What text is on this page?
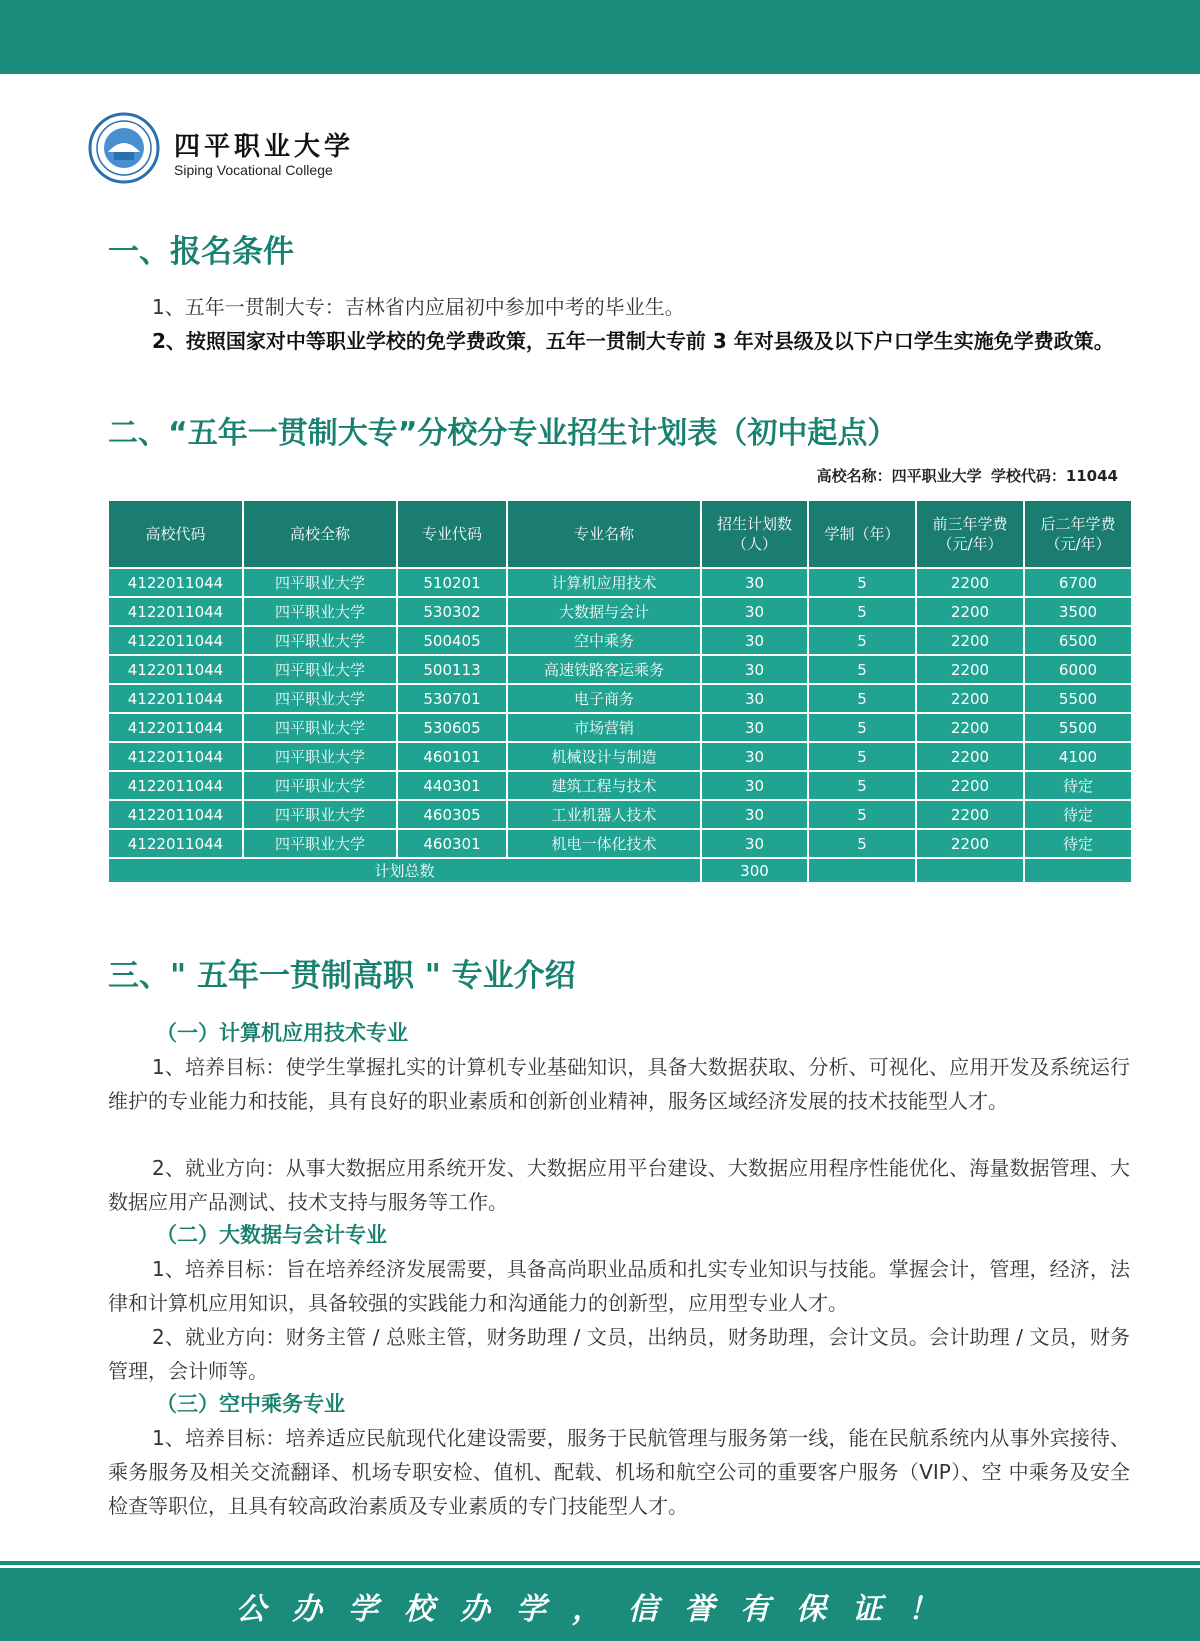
四平职业大学
Siping Vocational College
一、报名条件

1、五年一贯制大专：吉林省内应届初中参加中考的毕业生。

2、按照国家对中等职业学校的免学费政策，五年一贯制大专前 3 年对县级及以下户口学生实施免学费政策。

二、“五年一贯制大专”分校分专业招生计划表（初中起点）
高校名称：四平职业大学 学校代码：11044
高校代码	高校全称	专业代码	专业名称	招生计划数（人）	学制（年）	前三年学费（元/年）	后二年学费（元/年）
4122011044	四平职业大学	510201	计算机应用技术	30	5	2200	6700
4122011044	四平职业大学	530302	大数据与会计	30	5	2200	3500
4122011044	四平职业大学	500405	空中乘务	30	5	2200	6500
4122011044	四平职业大学	500113	高速铁路客运乘务	30	5	2200	6000
4122011044	四平职业大学	530701	电子商务	30	5	2200	5500
4122011044	四平职业大学	530605	市场营销	30	5	2200	5500
4122011044	四平职业大学	460101	机械设计与制造	30	5	2200	4100
4122011044	四平职业大学	440301	建筑工程与技术	30	5	2200	待定
4122011044	四平职业大学	460305	工业机器人技术	30	5	2200	待定
4122011044	四平职业大学	460301	机电一体化技术	30	5	2200	待定
计划总数				300			
三、" 五年一贯制高职 " 专业介绍
（一）计算机应用技术专业

1、培养目标：使学生掌握扎实的计算机专业基础知识，具备大数据获取、分析、可视化、应用开发及系统运行维护的专业能力和技能，具有良好的职业素质和创新创业精神，服务区域经济发展的技术技能型人才。

2、就业方向：从事大数据应用系统开发、大数据应用平台建设、大数据应用程序性能优化、海量数据管理、大数据应用产品测试、技术支持与服务等工作。

（二）大数据与会计专业

1、培养目标：旨在培养经济发展需要，具备高尚职业品质和扎实专业知识与技能。掌握会计，管理，经济，法律和计算机应用知识，具备较强的实践能力和沟通能力的创新型，应用型专业人才。

2、就业方向：财务主管 / 总账主管，财务助理 / 文员，出纳员，财务助理，会计文员。会计助理 / 文员，财务管理，会计师等。

（三）空中乘务专业

1、培养目标：培养适应民航现代化建设需要，服务于民航管理与服务第一线，能在民航系统内从事外宾接待、乘务服务及相关交流翻译、机场专职安检、值机、配载、机场和航空公司的重要客户服务（VIP）、空 中乘务及安全检查等职位，且具有较高政治素质及专业素质的专门技能型人才。

公办学校办学，信誉有保证！
